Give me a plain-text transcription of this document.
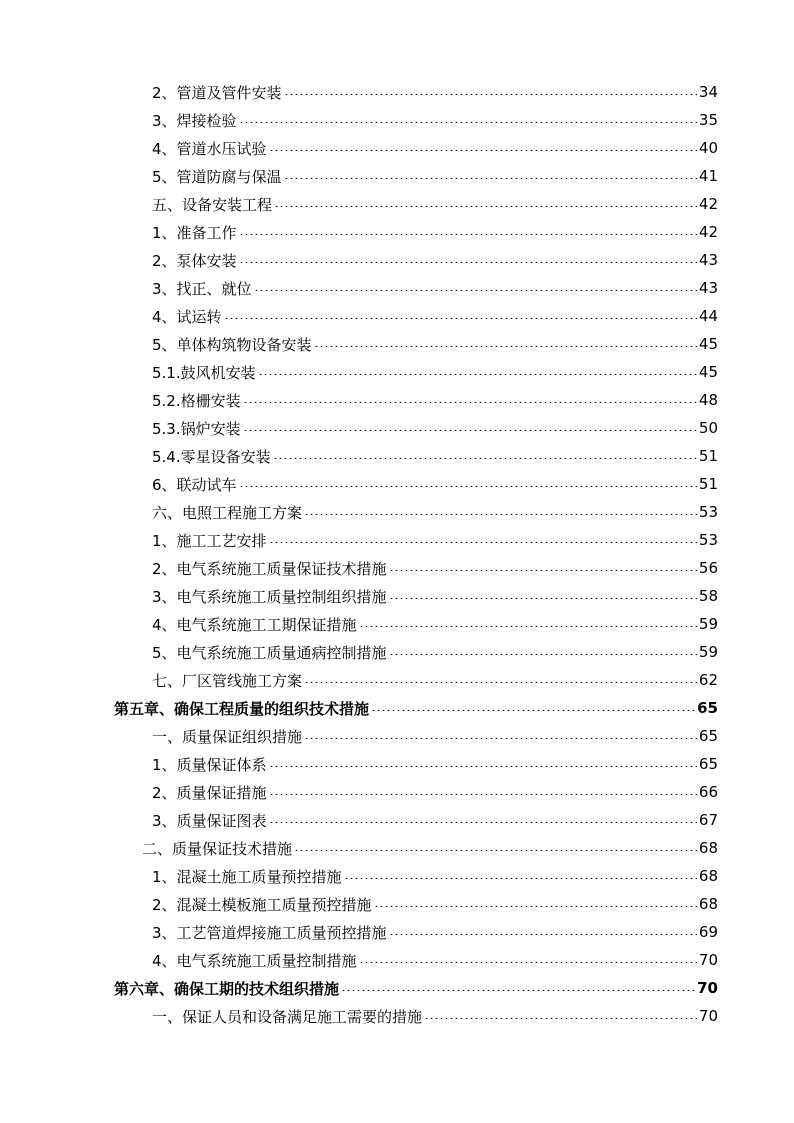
2、管道及管件安装	34
3、焊接检验	35
4、管道水压试验	40
5、管道防腐与保温	41
五、设备安装工程	42
1、准备工作	42
2、泵体安装	43
3、找正、就位	43
4、试运转	44
5、单体构筑物设备安装	45
5.1.鼓风机安装	45
5.2.格栅安装	48
5.3.锅炉安装	50
5.4.零星设备安装	51
6、联动试车	51
六、电照工程施工方案	53
1、施工工艺安排	53
2、电气系统施工质量保证技术措施	56
3、电气系统施工质量控制组织措施	58
4、电气系统施工工期保证措施	59
5、电气系统施工质量通病控制措施	59
七、厂区管线施工方案	62
第五章、确保工程质量的组织技术措施	65
一、质量保证组织措施	65
1、质量保证体系	65
2、质量保证措施	66
3、质量保证图表	67
二、质量保证技术措施	68
1、混凝土施工质量预控措施	68
2、混凝土模板施工质量预控措施	68
3、工艺管道焊接施工质量预控措施	69
4、电气系统施工质量控制措施	70
第六章、确保工期的技术组织措施	70
一、保证人员和设备满足施工需要的措施	70
